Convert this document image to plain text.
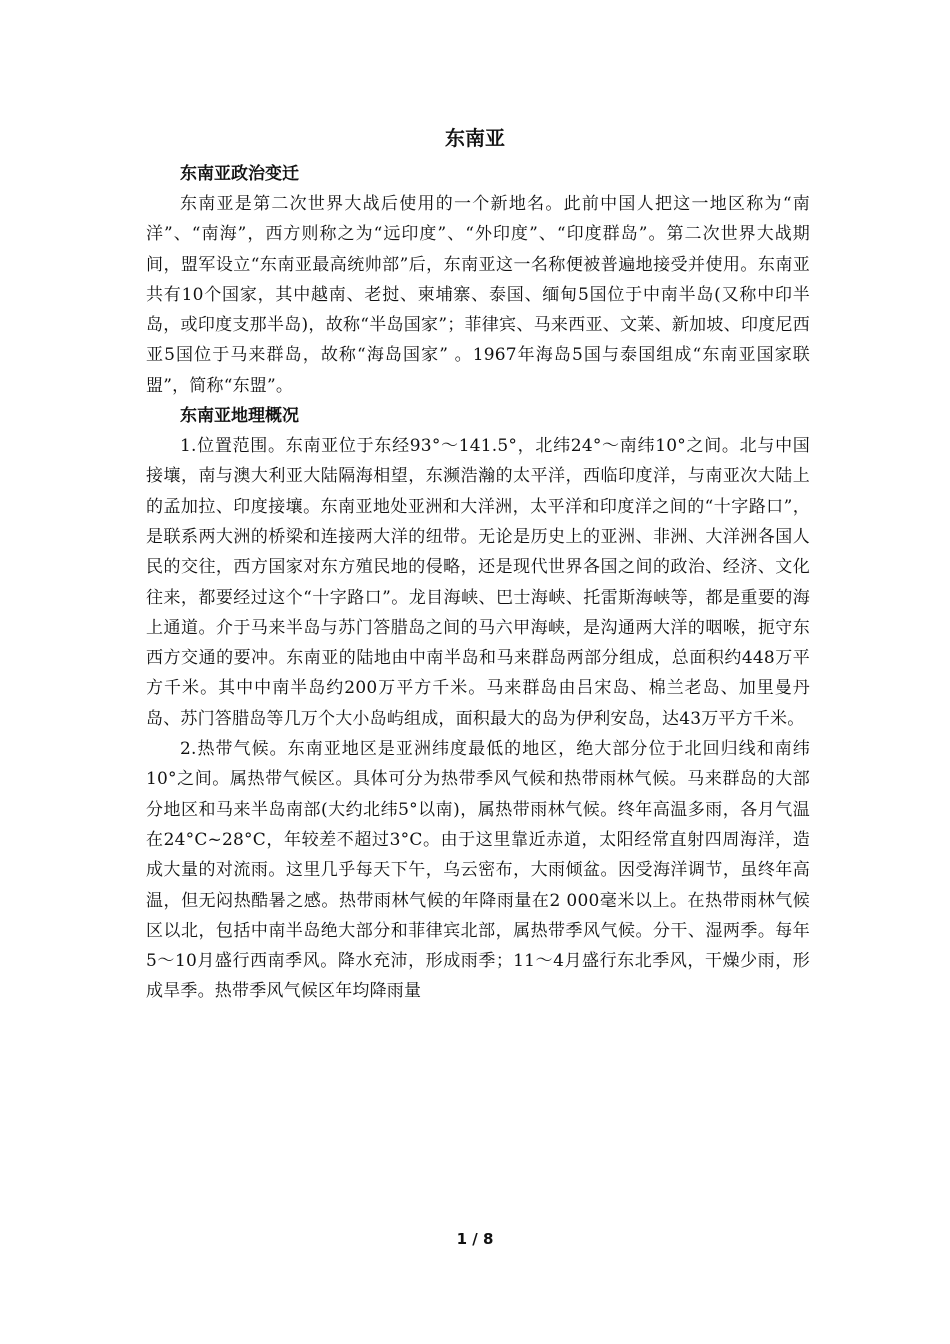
东南亚

东南亚政治变迁

东南亚是第二次世界大战后使用的一个新地名。此前中国人把这一地区称为“南洋”、“南海”，西方则称之为“远印度”、“外印度”、“印度群岛”。第二次世界大战期间，盟军设立“东南亚最高统帅部”后，东南亚这一名称便被普遍地接受并使用。东南亚共有10个国家，其中越南、老挝、柬埔寨、泰国、缅甸5国位于中南半岛(又称中印半岛，或印度支那半岛)，故称“半岛国家”；菲律宾、马来西亚、文莱、新加坡、印度尼西亚5国位于马来群岛，故称“海岛国家” 。1967年海岛5国与泰国组成“东南亚国家联盟”，简称“东盟”。

东南亚地理概况

1.位置范围。东南亚位于东经93°～141.5°，北纬24°～南纬10°之间。北与中国接壤，南与澳大利亚大陆隔海相望，东濒浩瀚的太平洋，西临印度洋，与南亚次大陆上的孟加拉、印度接壤。东南亚地处亚洲和大洋洲，太平洋和印度洋之间的“十字路口”，是联系两大洲的桥梁和连接两大洋的纽带。无论是历史上的亚洲、非洲、大洋洲各国人民的交往，西方国家对东方殖民地的侵略，还是现代世界各国之间的政治、经济、文化往来，都要经过这个“十字路口”。龙目海峡、巴士海峡、托雷斯海峡等，都是重要的海上通道。介于马来半岛与苏门答腊岛之间的马六甲海峡，是沟通两大洋的咽喉，扼守东西方交通的要冲。东南亚的陆地由中南半岛和马来群岛两部分组成，总面积约448万平方千米。其中中南半岛约200万平方千米。马来群岛由吕宋岛、棉兰老岛、加里曼丹岛、苏门答腊岛等几万个大小岛屿组成，面积最大的岛为伊利安岛，达43万平方千米。

2.热带气候。东南亚地区是亚洲纬度最低的地区，绝大部分位于北回归线和南纬10°之间。属热带气候区。具体可分为热带季风气候和热带雨林气候。马来群岛的大部分地区和马来半岛南部(大约北纬5°以南)，属热带雨林气候。终年高温多雨，各月气温在24°C~28°C，年较差不超过3°C。由于这里靠近赤道，太阳经常直射四周海洋，造成大量的对流雨。这里几乎每天下午，乌云密布，大雨倾盆。因受海洋调节，虽终年高温，但无闷热酷暑之感。热带雨林气候的年降雨量在2 000毫米以上。在热带雨林气候区以北，包括中南半岛绝大部分和菲律宾北部，属热带季风气候。分干、湿两季。每年5～10月盛行西南季风。降水充沛，形成雨季；11～4月盛行东北季风，干燥少雨，形成旱季。热带季风气候区年均降雨量

1 / 8
